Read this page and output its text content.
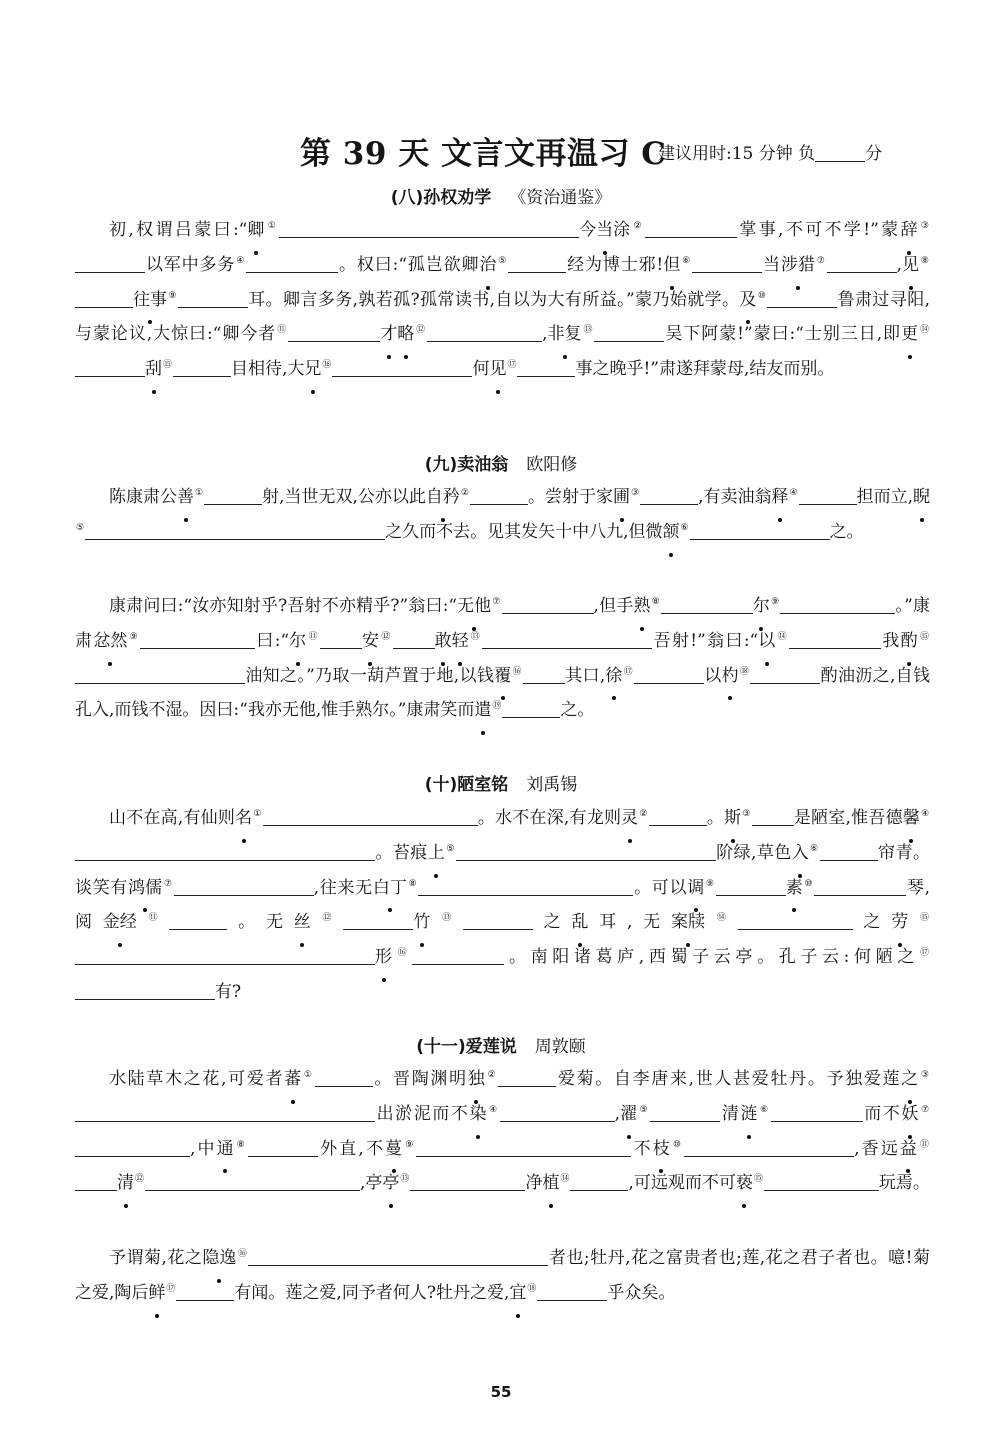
第 39 天 文言文再温习 C
建议用时:15 分钟 负	分
(八)孙权劝学 《资治通鉴》
初,权谓吕蒙曰:“卿①	今当涂②	掌事,不可不学!”蒙辞③以军中多务④	。权曰:“孤岂欲卿治⑤	经为博士邪!但⑥	当涉猎⑦	,见⑧往事⑨	耳。卿言多务,孰若孤?孤常读书,自以为大有所益。”蒙乃始就学。及⑩	鲁肃过寻阳,与蒙论议,大惊曰:“卿今者⑪	才略⑫	,非复⑬	吴下阿蒙!”蒙曰:“士别三日,即更⑭刮⑮	目相待,大兄⑯	何见⑰	事之晚乎!”肃遂拜蒙母,结友而别。
(九)卖油翁 欧阳修
陈康肃公善①	射,当世无双,公亦以此自矜②	。尝射于家圃③	,有卖油翁释④	担而立,睨⑤	之久而不去。见其发矢十中八九,但微颔⑥	之。
康肃问曰:“汝亦知射乎?吾射不亦精乎?”翁曰:“无他⑦	,但手熟⑧	尔⑨	。”康肃忿然⑨	曰:“尔⑪	安⑫	敢轻⑬	吾射!”翁曰:“以⑭	我酌⑮油知之。”乃取一葫芦置于地,以钱覆⑯	其口,徐⑰	以杓⑱	酌油沥之,自钱孔入,而钱不湿。因曰:“我亦无他,惟手熟尔。”康肃笑而遣⑲	之。
(十)陋室铭 刘禹锡
山不在高,有仙则名①	。水不在深,有龙则灵②	。斯③	是陋室,惟吾德馨④。苔痕上⑤	阶绿,草色入⑥	帘青。谈笑有鸿儒⑦	,往来无白丁⑧	。可以调⑨	素⑩	琴,阅金经⑪	。无丝⑫	竹⑬	之乱耳,无案牍⑭	之劳⑮形⑯	。南阳诸葛庐,西蜀子云亭。孔子云:何陋之⑰有?
(十一)爱莲说 周敦颐
水陆草木之花,可爱者蕃①	。晋陶渊明独②	爱菊。自李唐来,世人甚爱牡丹。予独爱莲之③出淤泥而不染④	,濯⑤	清涟⑥	而不妖⑦,中通⑧	外直,不蔓⑨	不枝⑩	,香远益⑪清⑫	,亭亭⑬	净植⑭	,可远观而不可亵⑮	玩焉。
予谓菊,花之隐逸⑯	者也;牡丹,花之富贵者也;莲,花之君子者也。噫!菊之爱,陶后鲜⑰	有闻。莲之爱,同予者何人?牡丹之爱,宜⑱	乎众矣。
55
